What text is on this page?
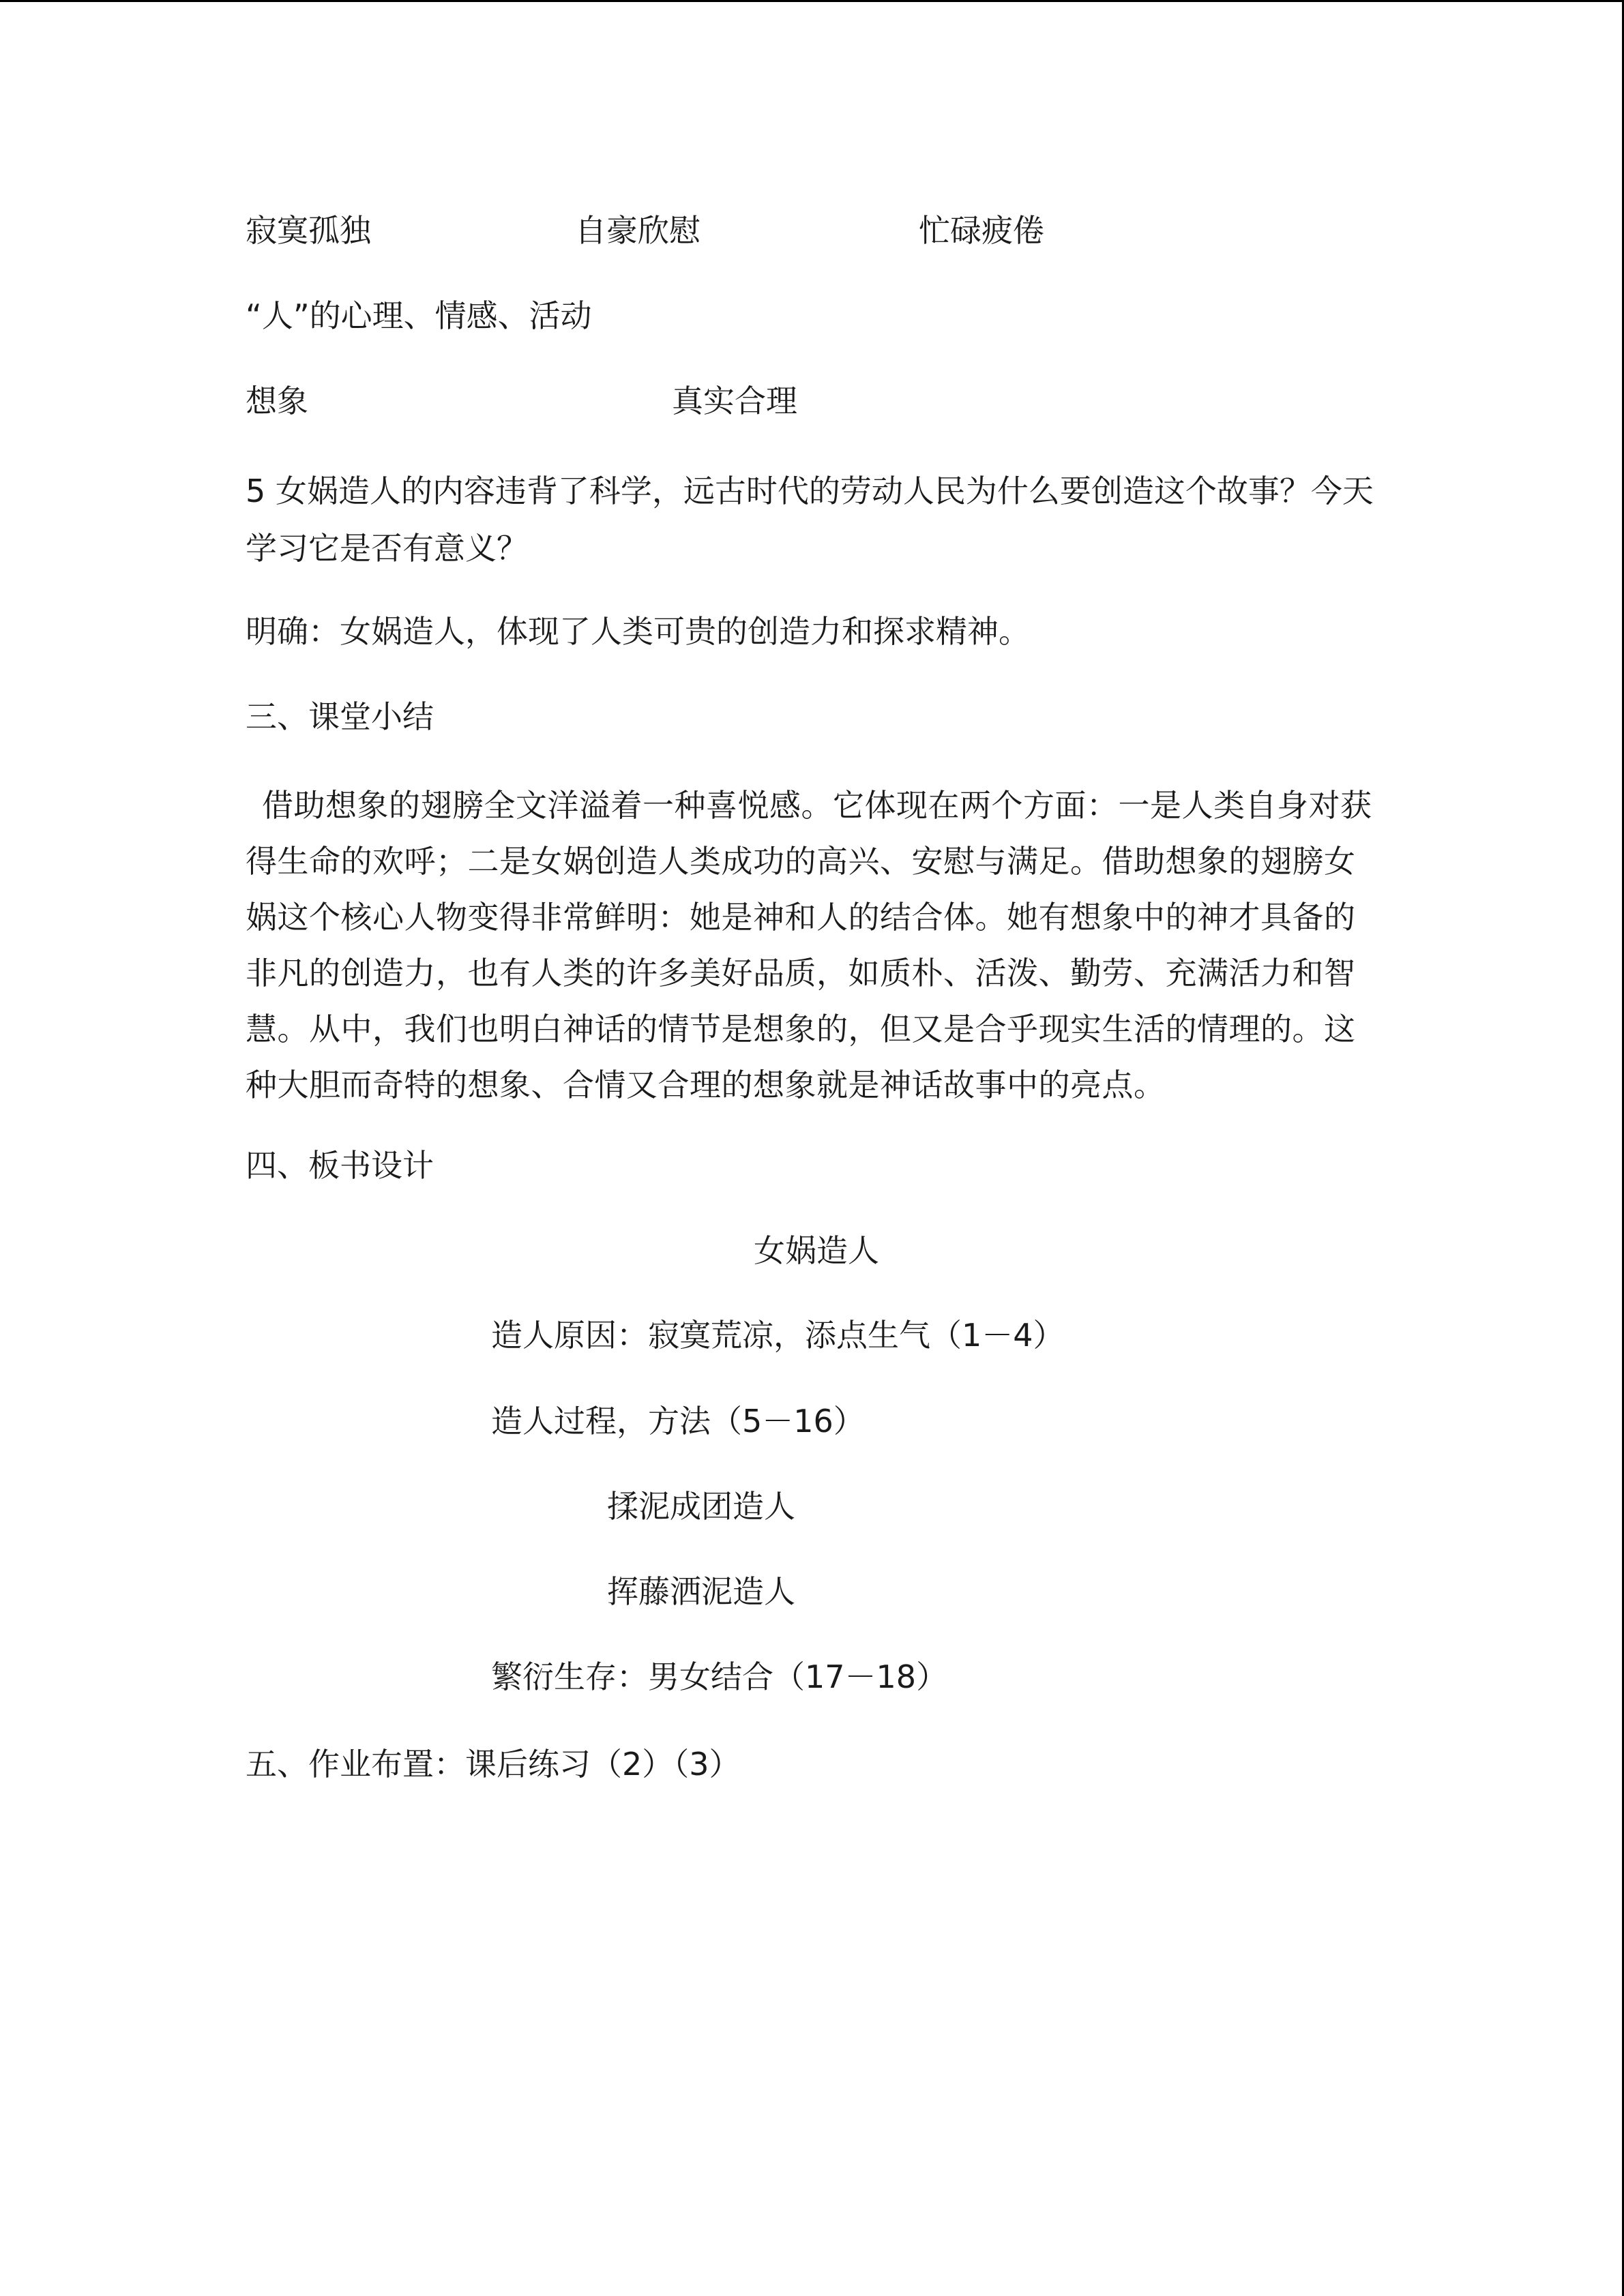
寂寞孤独	自豪欣慰	忙碌疲倦

“人”的心理、情感、活动

想象	真实合理

5 女娲造人的内容违背了科学，远古时代的劳动人民为什么要创造这个故事？今天学习它是否有意义？

明确：女娲造人，体现了人类可贵的创造力和探求精神。

三、课堂小结

借助想象的翅膀全文洋溢着一种喜悦感。它体现在两个方面：一是人类自身对获得生命的欢呼；二是女娲创造人类成功的高兴、安慰与满足。借助想象的翅膀女娲这个核心人物变得非常鲜明：她是神和人的结合体。她有想象中的神才具备的非凡的创造力，也有人类的许多美好品质，如质朴、活泼、勤劳、充满活力和智慧。从中，我们也明白神话的情节是想象的，但又是合乎现实生活的情理的。这种大胆而奇特的想象、合情又合理的想象就是神话故事中的亮点。

四、板书设计

女娲造人

造人原因：寂寞荒凉，添点生气（1－4）

造人过程，方法（5－16）

揉泥成团造人

挥藤洒泥造人

繁衍生存：男女结合（17－18）

五、作业布置：课后练习（2）（3）
